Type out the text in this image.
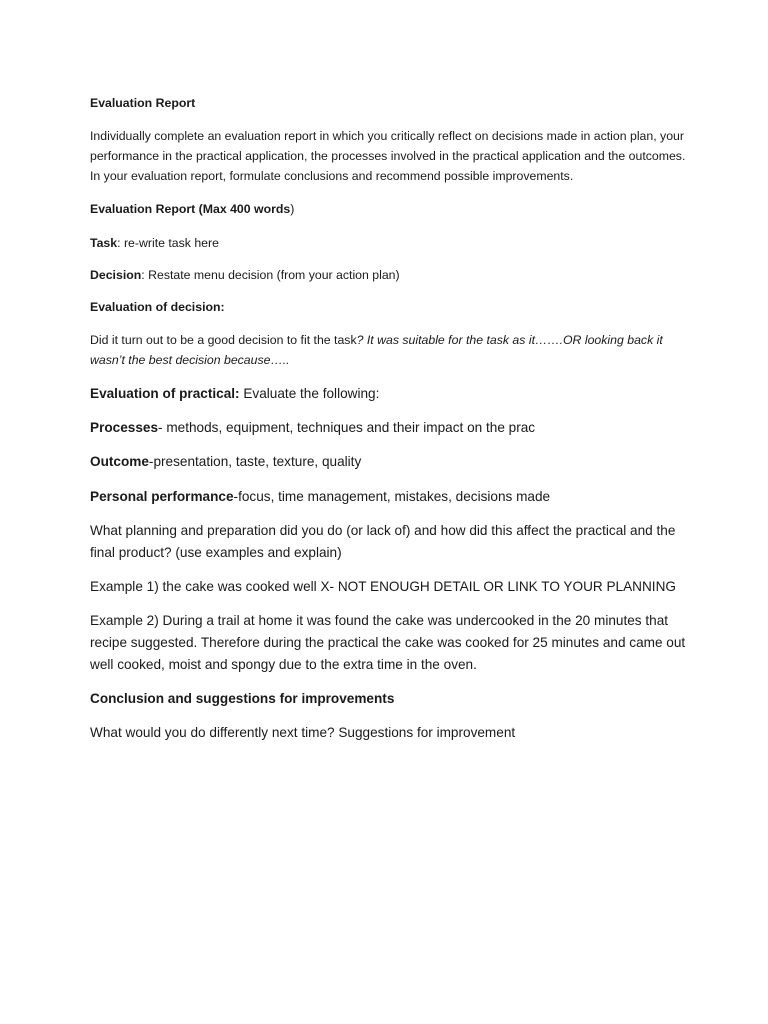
Evaluation Report

Individually complete an evaluation report in which you critically reflect on decisions made in action plan, your performance in the practical application, the processes involved in the practical application and the outcomes. In your evaluation report, formulate conclusions and recommend possible improvements.

Evaluation Report (Max 400 words)

Task: re-write task here

Decision: Restate menu decision (from your action plan)

Evaluation of decision:

Did it turn out to be a good decision to fit the task? It was suitable for the task as it…….OR looking back it wasn’t the best decision because…..

Evaluation of practical: Evaluate the following:

Processes- methods, equipment, techniques and their impact on the prac

Outcome-presentation, taste, texture, quality

Personal performance-focus, time management, mistakes, decisions made

What planning and preparation did you do (or lack of) and how did this affect the practical and the final product? (use examples and explain)

Example 1) the cake was cooked well X- NOT ENOUGH DETAIL OR LINK TO YOUR PLANNING

Example 2) During a trail at home it was found the cake was undercooked in the 20 minutes that recipe suggested. Therefore during the practical the cake was cooked for 25 minutes and came out well cooked, moist and spongy due to the extra time in the oven.

Conclusion and suggestions for improvements

What would you do differently next time? Suggestions for improvement
